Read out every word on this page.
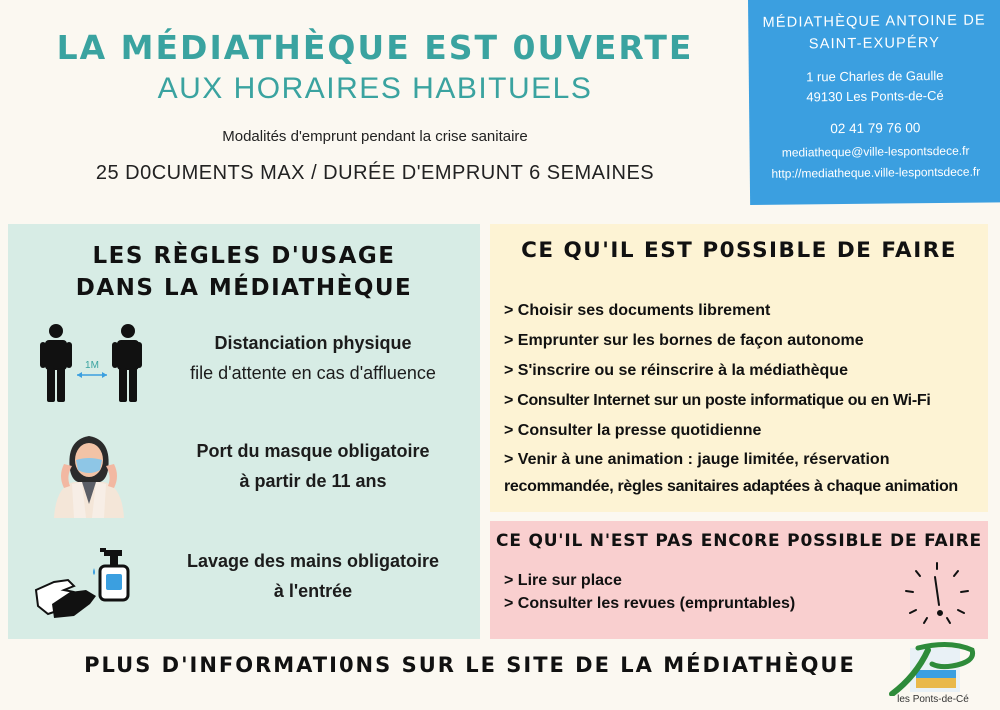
LA MÉDIATHÈQUE EST 0UVERTE
AUX HORAIRES HABITUELS
Modalités d'emprunt pendant la crise sanitaire
25 D0CUMENTS MAX / DURÉE D'EMPRUNT 6 SEMAINES
MÉDIATHÈQUE ANTOINE DE
SAINT-EXUPÉRY
1 rue Charles de Gaulle
49130 Les Ponts-de-Cé
02 41 79 76 00
mediatheque@ville-lespontsdece.fr
http://mediatheque.ville-lespontsdece.fr
LES RÈGLES D'USAGE
DANS LA MÉDIATHÈQUE
1M
Distanciation physique
file d'attente en cas d'affluence
Port du masque obligatoire
à partir de 11 ans
Lavage des mains obligatoire
à l'entrée
CE QU'IL EST P0SSIBLE DE FAIRE
> Choisir ses documents librement
> Emprunter sur les bornes de façon autonome
> S'inscrire ou se réinscrire à la médiathèque
> Consulter Internet sur un poste informatique ou en Wi-Fi
> Consulter la presse quotidienne
> Venir à une animation : jauge limitée, réservation
recommandée, règles sanitaires adaptées à chaque animation
CE QU'IL N'EST PAS ENC0RE P0SSIBLE DE FAIRE
> Lire sur place
> Consulter les revues (empruntables)
PLUS D'INFORMATI0NS SUR LE SITE DE LA MÉDIATHÈQUE
les Ponts-de-Cé
